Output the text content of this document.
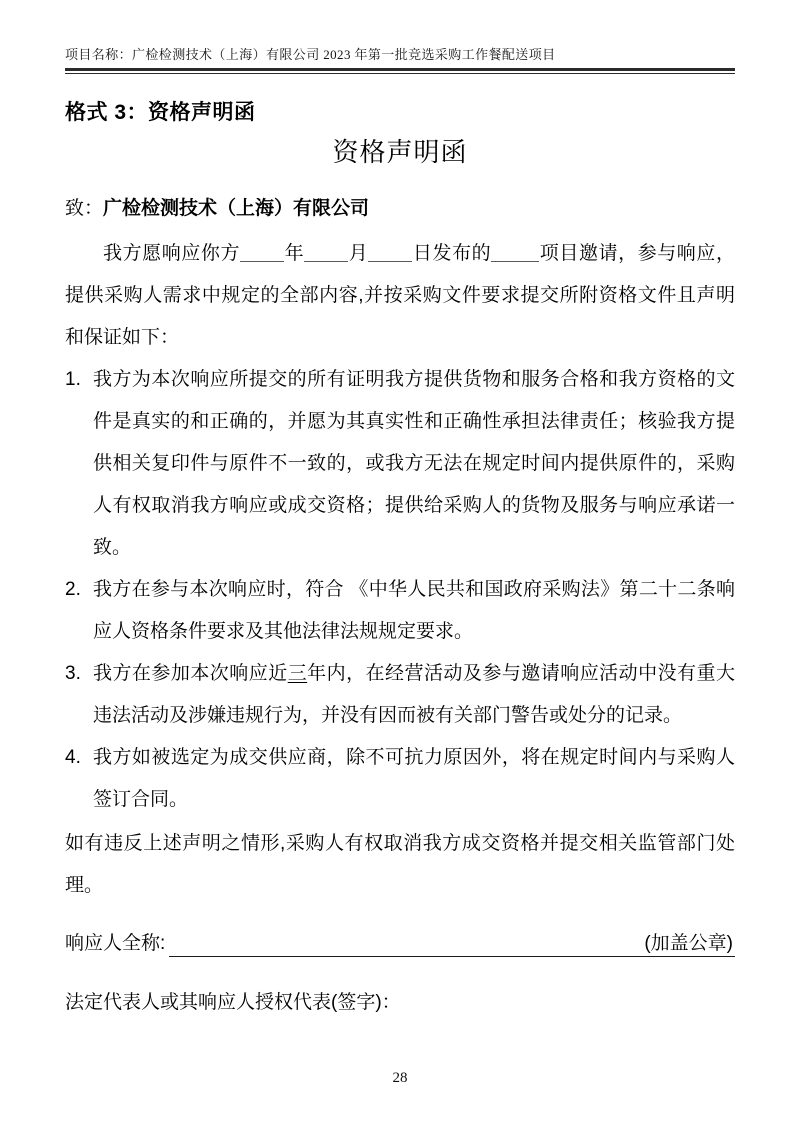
项目名称：广检检测技术（上海）有限公司 2023 年第一批竞选采购工作餐配送项目
格式 3：资格声明函
资格声明函
致：广检检测技术（上海）有限公司

我方愿响应你方 年 月 日发布的	项目邀请，参与响应，提供采购人需求中规定的全部内容,并按采购文件要求提交所附资格文件且声明和保证如下：

1. 我方为本次响应所提交的所有证明我方提供货物和服务合格和我方资格的文件是真实的和正确的，并愿为其真实性和正确性承担法律责任；核验我方提供相关复印件与原件不一致的，或我方无法在规定时间内提供原件的，采购人有权取消我方响应或成交资格；提供给采购人的货物及服务与响应承诺一致。
2. 我方在参与本次响应时，符合 《中华人民共和国政府采购法》第二十二条响应人资格条件要求及其他法律法规规定要求。
3. 我方在参加本次响应近三年内，在经营活动及参与邀请响应活动中没有重大违法活动及涉嫌违规行为，并没有因而被有关部门警告或处分的记录。
4. 我方如被选定为成交供应商，除不可抗力原因外，将在规定时间内与采购人签订合同。

如有违反上述声明之情形,采购人有权取消我方成交资格并提交相关监管部门处理。

响应人全称:	(加盖公章)
法定代表人或其响应人授权代表(签字)：
28
